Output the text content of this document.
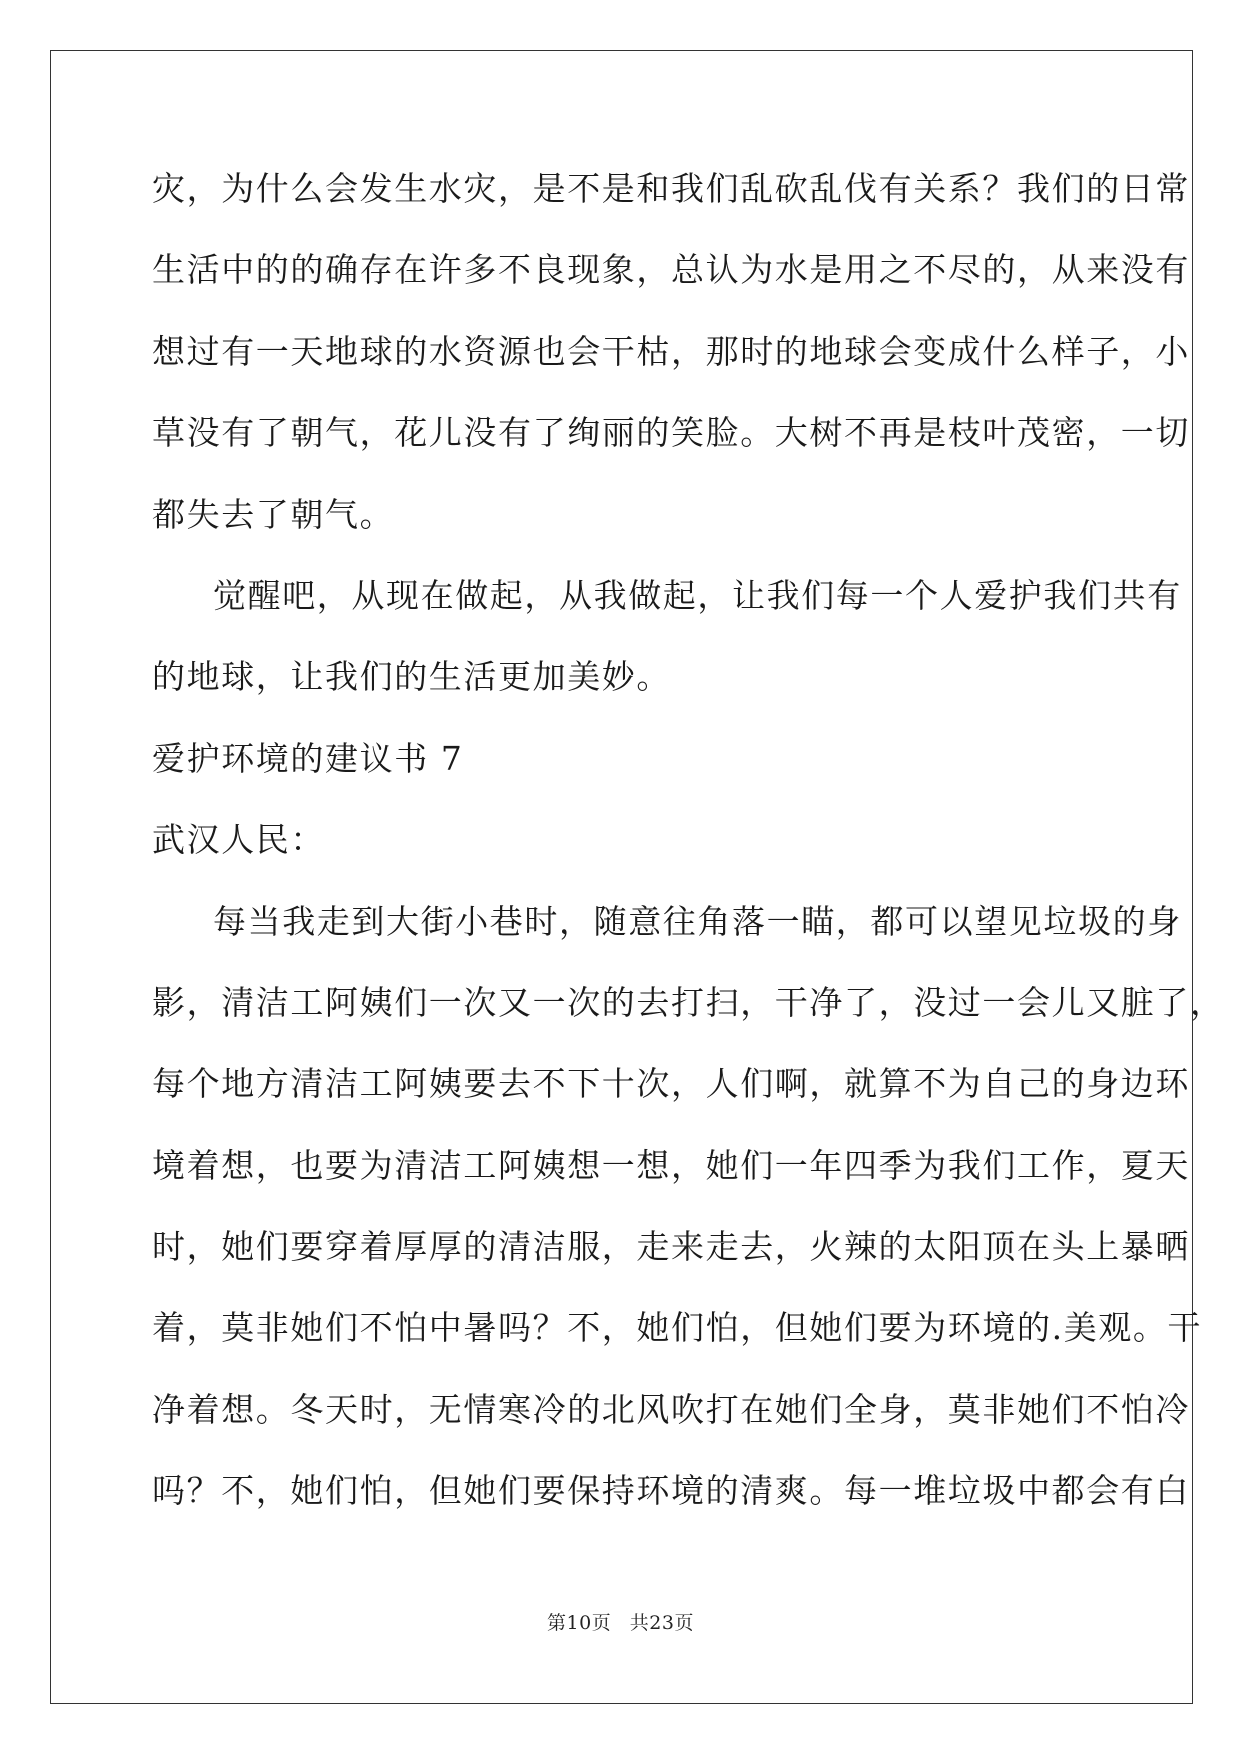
灾，为什么会发生水灾，是不是和我们乱砍乱伐有关系？我们的日常
生活中的的确存在许多不良现象，总认为水是用之不尽的，从来没有
想过有一天地球的水资源也会干枯，那时的地球会变成什么样子，小
草没有了朝气，花儿没有了绚丽的笑脸。大树不再是枝叶茂密，一切
都失去了朝气。
觉醒吧，从现在做起，从我做起，让我们每一个人爱护我们共有
的地球，让我们的生活更加美妙。
爱护环境的建议书 7
武汉人民：
每当我走到大街小巷时，随意往角落一瞄，都可以望见垃圾的身
影，清洁工阿姨们一次又一次的去打扫，干净了，没过一会儿又脏了，
每个地方清洁工阿姨要去不下十次，人们啊，就算不为自己的身边环
境着想，也要为清洁工阿姨想一想，她们一年四季为我们工作，夏天
时，她们要穿着厚厚的清洁服，走来走去，火辣的太阳顶在头上暴晒
着，莫非她们不怕中暑吗？不，她们怕，但她们要为环境的.美观。干
净着想。冬天时，无情寒冷的北风吹打在她们全身，莫非她们不怕冷
吗？不，她们怕，但她们要保持环境的清爽。每一堆垃圾中都会有白
第10页 共23页
